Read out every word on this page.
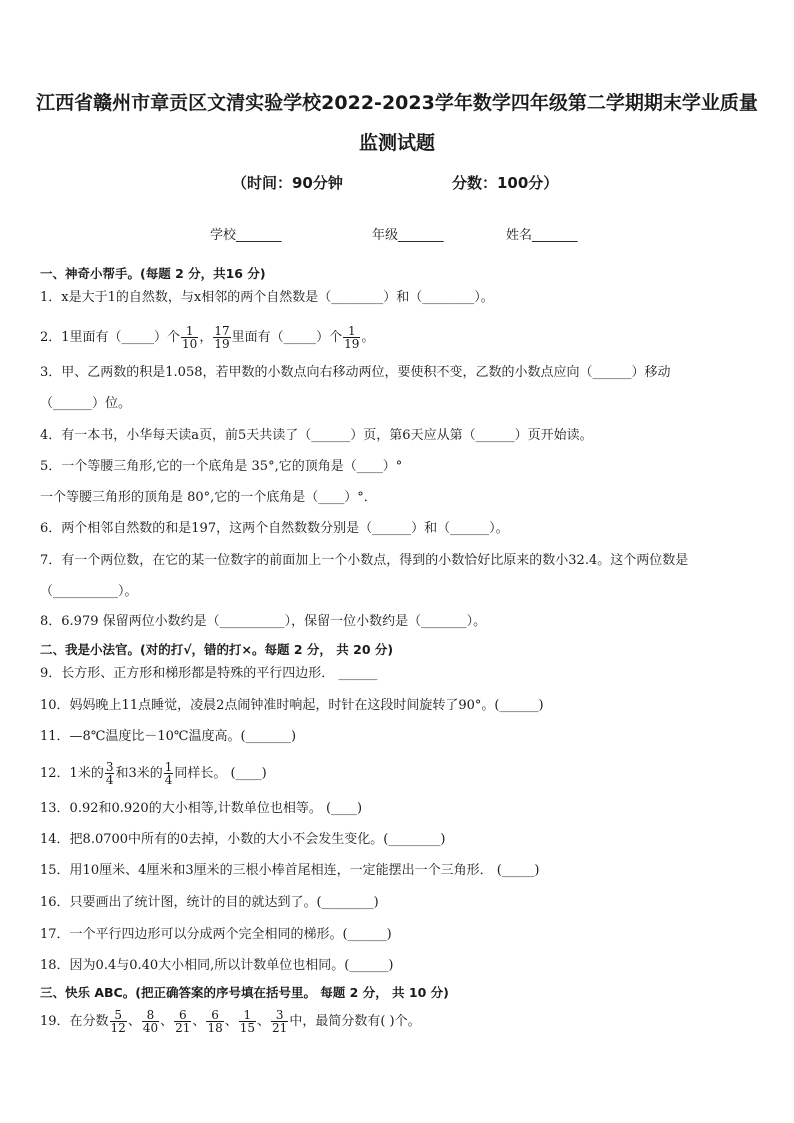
江西省赣州市章贡区文清实验学校2022-2023学年数学四年级第二学期期末学业质量
监测试题
（时间：90分钟	分数：100分）
学校_______	年级_______	姓名_______
一、神奇小帮手。(每题 2 分，共16 分)
1．x是大于1的自然数，与x相邻的两个自然数是（________）和（________）。
2．1里面有（_____）个 $\frac{1}{10}$ ， $\frac{17}{19}$ 里面有（_____）个 $\frac{1}{19}$ 。
3．甲、乙两数的积是1.058，若甲数的小数点向右移动两位，要使积不变，乙数的小数点应向（______）移动
（______）位。
4．有一本书，小华每天读a页，前5天共读了（______）页，第6天应从第（______）页开始读。
5．一个等腰三角形,它的一个底角是 35°,它的顶角是（____）°
一个等腰三角形的顶角是 80°,它的一个底角是（____）°．
6．两个相邻自然数的和是197，这两个自然数数分别是（______）和（______）。
7．有一个两位数，在它的某一位数字的前面加上一个小数点，得到的小数恰好比原来的数小32.4。这个两位数是
（__________）。
8．6.979 保留两位小数约是（__________），保留一位小数约是（_______）。
二、我是小法官。(对的打√，错的打×。每题 2 分， 共 20 分)
9．长方形、正方形和梯形都是特殊的平行四边形． ______
10．妈妈晚上11点睡觉，凌晨2点闹钟准时响起，时针在这段时间旋转了90°。(______)
11．—8℃温度比－10℃温度高。(_______)
12．1米的 $\frac{3}{4}$ 和3米的 $\frac{1}{4}$ 同样长。 (____)
13．0.92和0.920的大小相等,计数单位也相等。 (____)
14．把8.0700中所有的0去掉，小数的大小不会发生变化。(________)
15．用10厘米、4厘米和3厘米的三根小棒首尾相连，一定能摆出一个三角形． (_____)
16．只要画出了统计图，统计的目的就达到了。(________)
17．一个平行四边形可以分成两个完全相同的梯形。(______)
18．因为0.4与0.40大小相同,所以计数单位也相同。(______)
三、快乐 ABC。(把正确答案的序号填在括号里。 每题 2 分， 共 10 分)
19．在分数 $\frac{5}{12}$ 、 $\frac{8}{40}$ 、 $\frac{6}{21}$ 、 $\frac{6}{18}$ 、 $\frac{1}{15}$ 、 $\frac{3}{21}$ 中，最简分数有( )个。
